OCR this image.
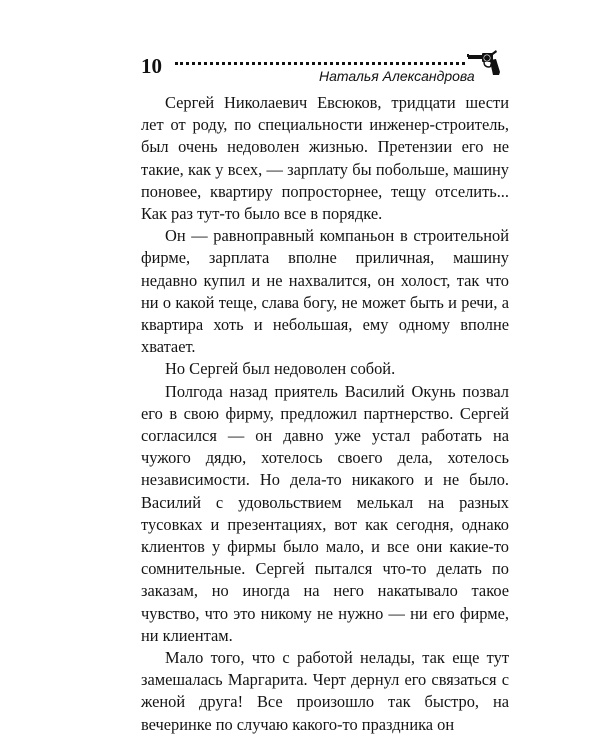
10	Наталья Александрова

Сергей Николаевич Евсюков, тридцати шести лет от роду, по специальности инженер-строитель, был очень недоволен жизнью. Претензии его не такие, как у всех, — зарплату бы побольше, машину поновее, квартиру попросторнее, тещу отселить... Как раз тут-то было все в порядке.

Он — равноправный компаньон в строительной фирме, зарплата вполне приличная, машину недавно купил и не нахвалится, он холост, так что ни о какой теще, слава богу, не может быть и речи, а квартира хоть и небольшая, ему одному вполне хватает.

Но Сергей был недоволен собой.

Полгода назад приятель Василий Окунь позвал его в свою фирму, предложил партнерство. Сергей согласился — он давно уже устал работать на чужого дядю, хотелось своего дела, хотелось независимости. Но дела-то никакого и не было. Василий с удовольствием мелькал на разных тусовках и презентациях, вот как сегодня, однако клиентов у фирмы было мало, и все они какие-то сомнительные. Сергей пытался что-то делать по заказам, но иногда на него накатывало такое чувство, что это никому не нужно — ни его фирме, ни клиентам.

Мало того, что с работой нелады, так еще тут замешалась Маргарита. Черт дернул его связаться с женой друга! Все произошло так быстро, на вечеринке по случаю какого-то праздника он
